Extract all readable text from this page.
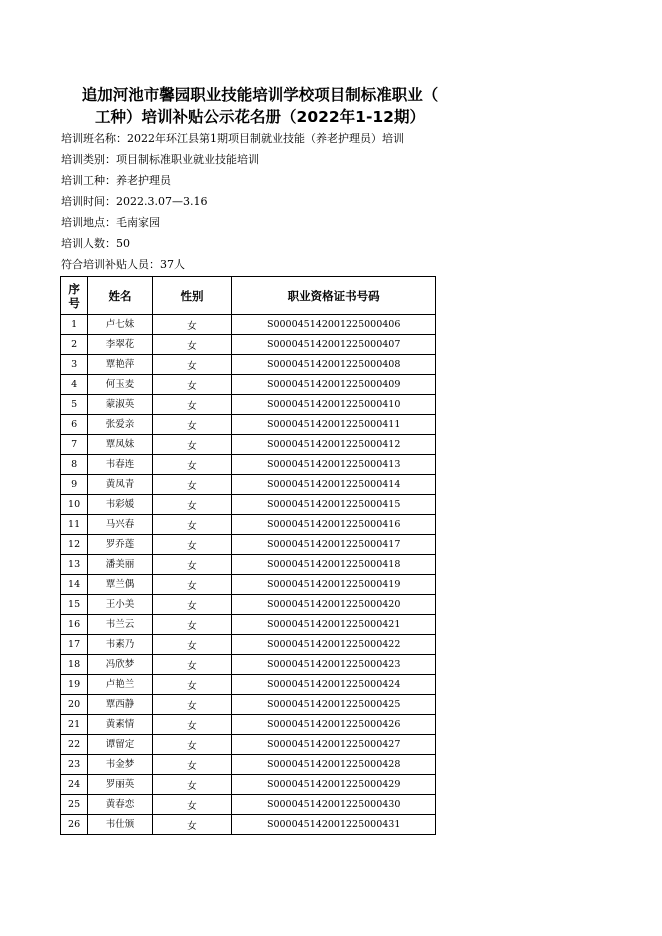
追加河池市馨园职业技能培训学校项目制标准职业（
工种）培训补贴公示花名册（2022年1-12期）
培训班名称：2022年环江县第1期项目制就业技能（养老护理员）培训
培训类别：项目制标准职业就业技能培训
培训工种：养老护理员
培训时间：2022.3.07—3.16
培训地点：毛南家园
培训人数：50
符合培训补贴人员：37人
序号	姓名	性别	职业资格证书号码
1	卢七妹	女	S000045142001225000406
2	李翠花	女	S000045142001225000407
3	覃艳萍	女	S000045142001225000408
4	何玉麦	女	S000045142001225000409
5	蒙淑英	女	S000045142001225000410
6	张爱亲	女	S000045142001225000411
7	覃凤妹	女	S000045142001225000412
8	韦春连	女	S000045142001225000413
9	黄凤青	女	S000045142001225000414
10	韦彩媛	女	S000045142001225000415
11	马兴春	女	S000045142001225000416
12	罗乔莲	女	S000045142001225000417
13	潘美丽	女	S000045142001225000418
14	覃兰偶	女	S000045142001225000419
15	王小美	女	S000045142001225000420
16	韦兰云	女	S000045142001225000421
17	韦素乃	女	S000045142001225000422
18	冯欣梦	女	S000045142001225000423
19	卢艳兰	女	S000045142001225000424
20	覃西静	女	S000045142001225000425
21	黄素情	女	S000045142001225000426
22	谭留定	女	S000045142001225000427
23	韦金梦	女	S000045142001225000428
24	罗丽英	女	S000045142001225000429
25	黄春恋	女	S000045142001225000430
26	韦仕颁	女	S000045142001225000431
